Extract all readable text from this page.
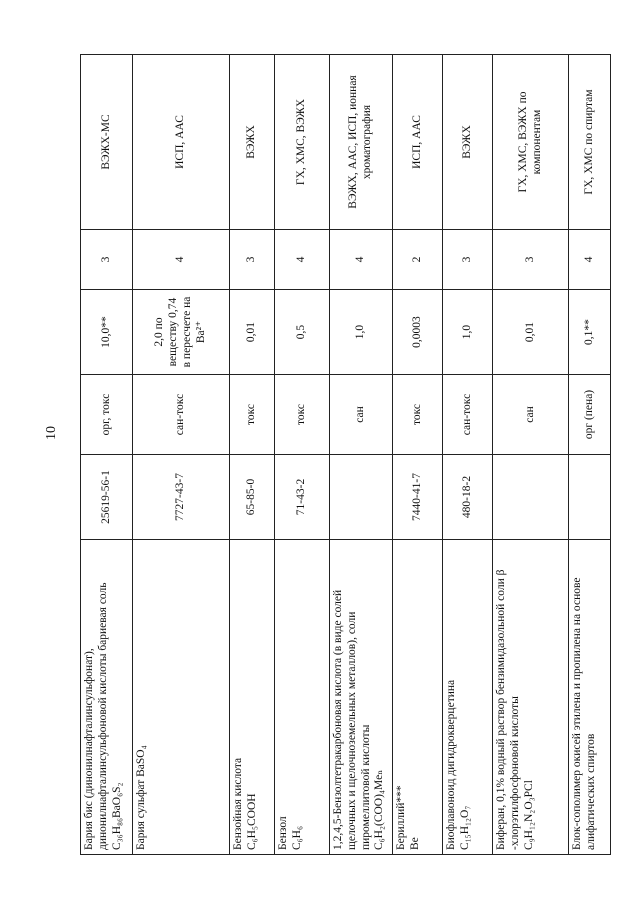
10
Бария бис (динонилнафталинсульфонат), динонилнафталинсульфоновой кислоты бариевая соль C₃₆H₈₆BaO₆S₂	25619-56-1	орг, токс	10,0**	3	ВЭЖХ-МС
Бария сульфат BaSO₄	7727-43-7	сан-токс	2,0 по веществу 0,74 в пересчете на Ba²⁺	4	ИСП, ААС
Бензойная кислота C₆H₅COOH	65-85-0	токс	0,01	3	ВЭЖХ
Бензол C₆H₆	71-43-2	токс	0,5	4	ГХ, ХМС, ВЭЖХ
1,2,4,5-Бензолтетракарбоновая кислота (в виде солей щелочных и щелочноземельных металлов), соли пиромеллитовой кислоты C₆H₂(COO)₄Meₙ		сан	1,0	4	ВЭЖХ, ААС, ИСП, ионная хроматография
Бериллий*** Be	7440-41-7	токс	0,0003	2	ИСП, ААС
Биофлавоноид дигидрокверцетина C₁₅H₁₂O₇	480-18-2	сан-токс	1,0	3	ВЭЖХ
Бифеpан, 0,1% водный раствор бензимидазольной соли β -хлорэтилфосфоновой кислоты C₉H₁₂N₂O₃PCl		сан	0,01	3	ГХ, ХМС, ВЭЖХ по компонентам
Блок-сополимер окисей этилена и пропилена на основе алифатических спиртов		орг (пена)	0,1**	4	ГХ, ХМС по спиртам
